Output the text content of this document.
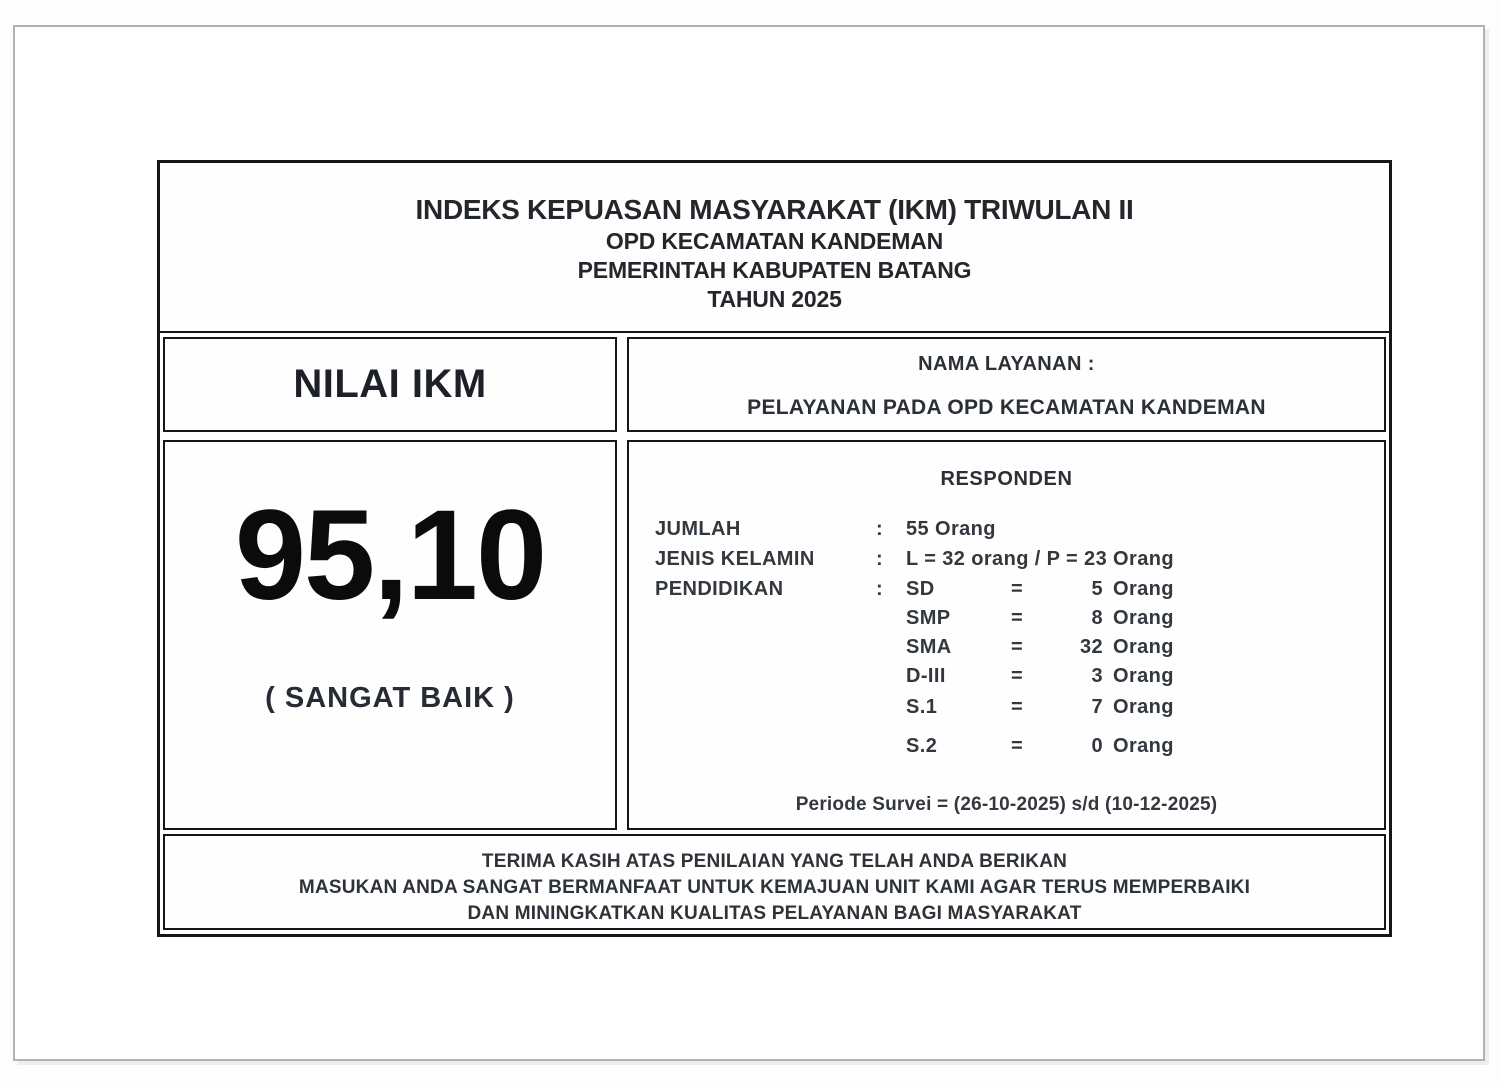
INDEKS KEPUASAN MASYARAKAT (IKM) TRIWULAN II
OPD KECAMATAN KANDEMAN
PEMERINTAH KABUPATEN BATANG
TAHUN 2025
NILAI IKM	NAMA LAYANAN :
PELAYANAN PADA OPD KECAMATAN KANDEMAN
95,10
( SANGAT BAIK )
RESPONDEN
JUMLAH	: 55 Orang
JENIS KELAMIN	: L = 32 orang / P = 23 Orang
PENDIDIKAN	: SD	=	5 Orang
SMP	=	8 Orang
SMA	=	32 Orang
D-III	=	3 Orang
S.1	=	7 Orang
S.2	=	0 Orang
Periode Survei = (26-10-2025) s/d (10-12-2025)
TERIMA KASIH ATAS PENILAIAN YANG TELAH ANDA BERIKAN
MASUKAN ANDA SANGAT BERMANFAAT UNTUK KEMAJUAN UNIT KAMI AGAR TERUS MEMPERBAIKI
DAN MININGKATKAN KUALITAS PELAYANAN BAGI MASYARAKAT
